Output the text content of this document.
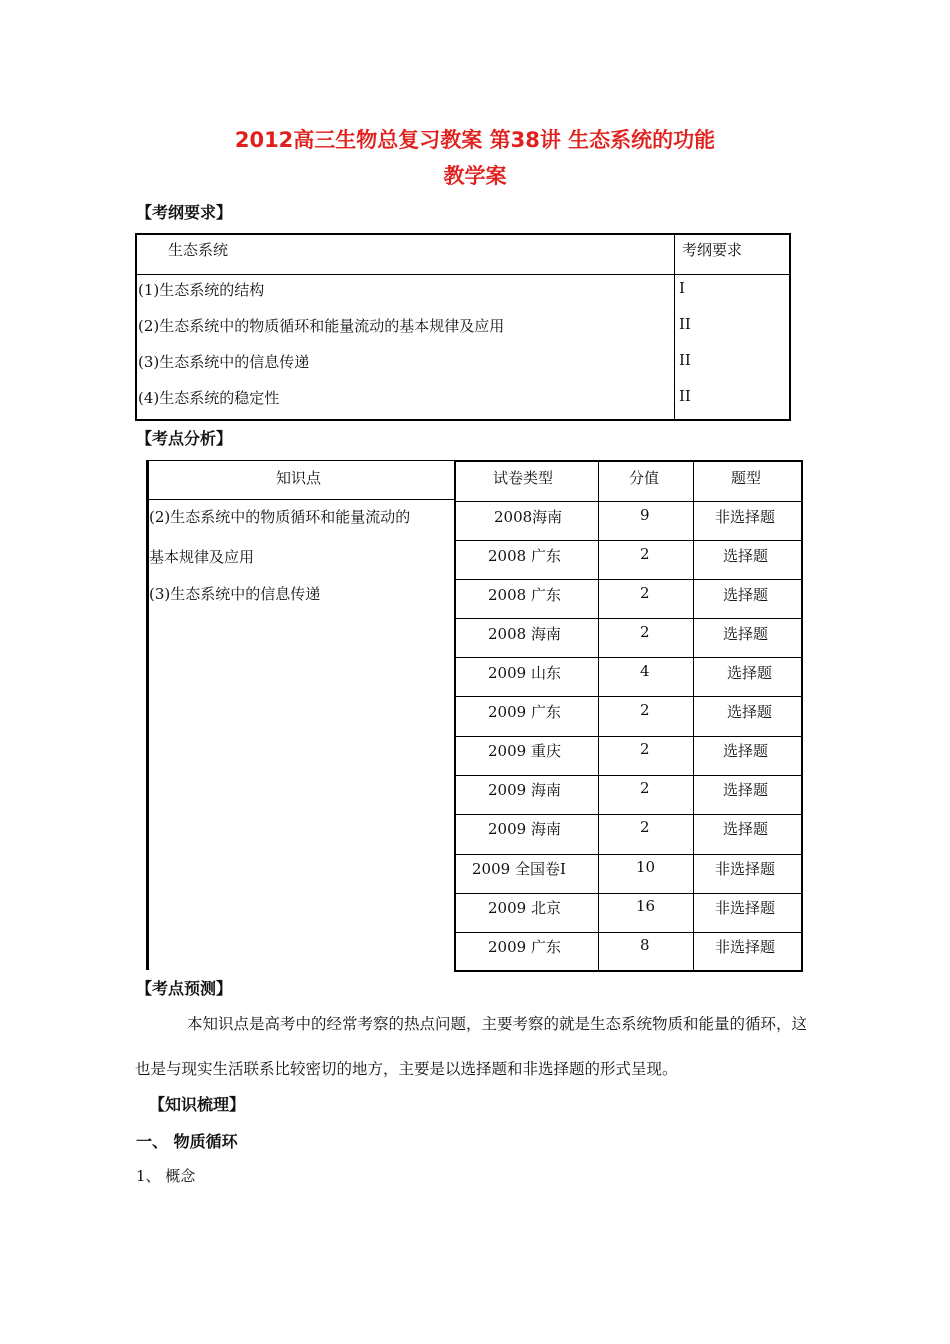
2012高三生物总复习教案 第38讲 生态系统的功能
教学案
【考纲要求】
生态系统	考纲要求
(1)生态系统的结构	I
(2)生态系统中的物质循环和能量流动的基本规律及应用	II
(3)生态系统中的信息传递	II
(4)生态系统的稳定性	II
【考点分析】
知识点	试卷类型	分值	题型
(2)生态系统中的物质循环和能量流动的
基本规律及应用
(3)生态系统中的信息传递
2008海南	9	非选择题
2008 广东	2	选择题
2008 广东	2	选择题
2008 海南	2	选择题
2009 山东	4	选择题
2009 广东	2	选择题
2009 重庆	2	选择题
2009 海南	2	选择题
2009 海南	2	选择题
2009 全国卷Ⅰ	10	非选择题
2009 北京	16	非选择题
2009 广东	8	非选择题
【考点预测】
本知识点是高考中的经常考察的热点问题，主要考察的就是生态系统物质和能量的循环，这也是与现实生活联系比较密切的地方，主要是以选择题和非选择题的形式呈现。
【知识梳理】
一、 物质循环
1、 概念
